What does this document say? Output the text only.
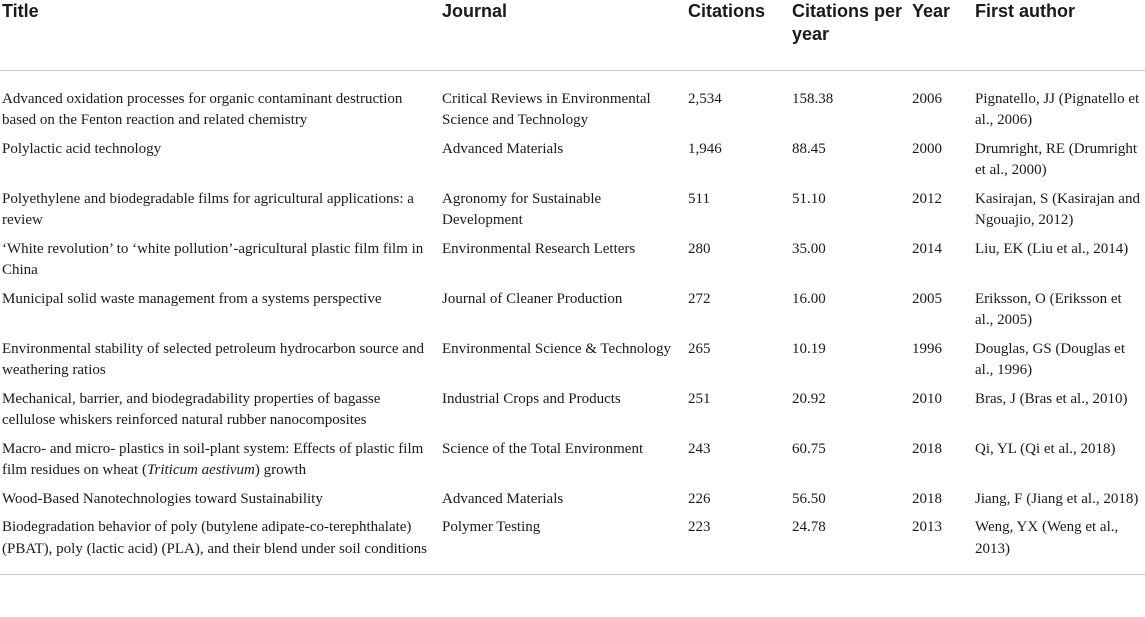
Title	Journal	Citations	Citations per year	Year	First author
Advanced oxidation processes for organic contaminant destruction based on the Fenton reaction and related chemistry	Critical Reviews in Environmental Science and Technology	2,534	158.38	2006	Pignatello, JJ (Pignatello et al., 2006)
Polylactic acid technology	Advanced Materials	1,946	88.45	2000	Drumright, RE (Drumright et al., 2000)
Polyethylene and biodegradable films for agricultural applications: a review	Agronomy for Sustainable Development	511	51.10	2012	Kasirajan, S (Kasirajan and Ngouajio, 2012)
‘White revolution’ to ‘white pollution’-agricultural plastic film film in China	Environmental Research Letters	280	35.00	2014	Liu, EK (Liu et al., 2014)
Municipal solid waste management from a systems perspective	Journal of Cleaner Production	272	16.00	2005	Eriksson, O (Eriksson et al., 2005)
Environmental stability of selected petroleum hydrocarbon source and weathering ratios	Environmental Science & Technology	265	10.19	1996	Douglas, GS (Douglas et al., 1996)
Mechanical, barrier, and biodegradability properties of bagasse cellulose whiskers reinforced natural rubber nanocomposites	Industrial Crops and Products	251	20.92	2010	Bras, J (Bras et al., 2010)
Macro- and micro- plastics in soil-plant system: Effects of plastic film film residues on wheat (Triticum aestivum) growth	Science of the Total Environment	243	60.75	2018	Qi, YL (Qi et al., 2018)
Wood-Based Nanotechnologies toward Sustainability	Advanced Materials	226	56.50	2018	Jiang, F (Jiang et al., 2018)
Biodegradation behavior of poly (butylene adipate-co-terephthalate) (PBAT), poly (lactic acid) (PLA), and their blend under soil conditions	Polymer Testing	223	24.78	2013	Weng, YX (Weng et al., 2013)
